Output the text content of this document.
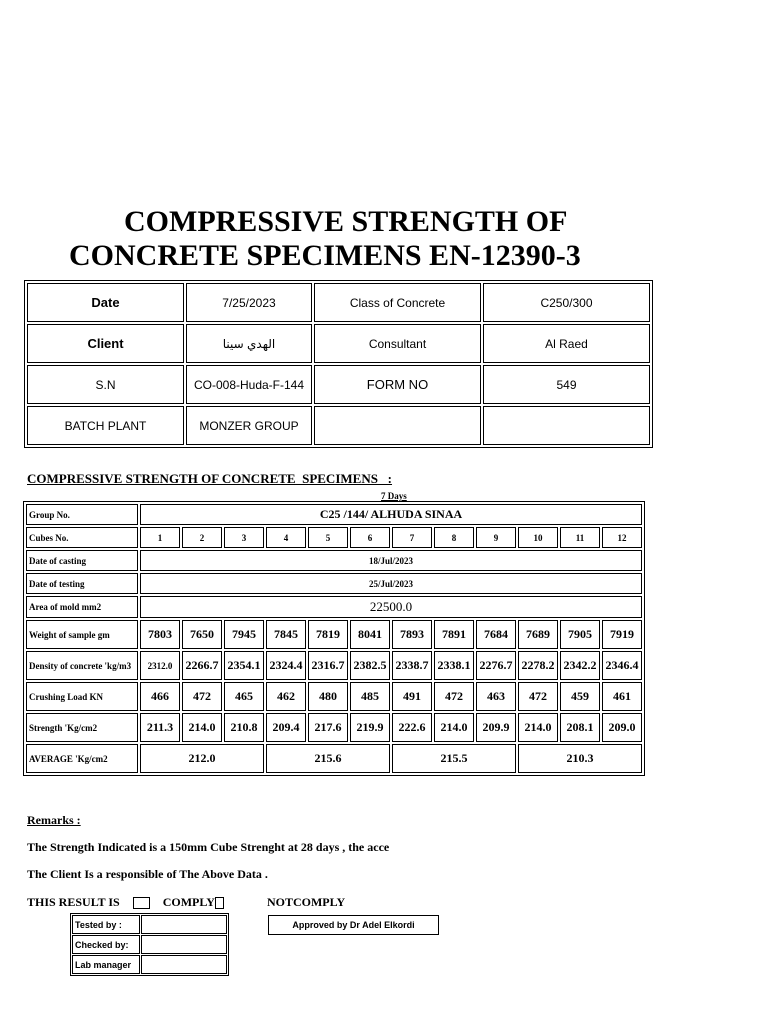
COMPRESSIVE STRENGTH OF
CONCRETE SPECIMENS EN-12390-3
Date	7/25/2023	Class of Concrete	C250/300
Client	الهدي سينا	Consultant	Al Raed
S.N	CO-008-Huda-F-144	FORM NO	549
BATCH PLANT	MONZER GROUP		
COMPRESSIVE STRENGTH OF CONCRETE  SPECIMENS   :
7 Days
Group No.	C25 /144/ ALHUDA SINAA											
Cubes No.	1	2	3	4	5	6	7	8	9	10	11	12
Date of casting	18/Jul/2023											
Date of testing	25/Jul/2023											
Area of mold mm2	22500.0											
Weight of sample gm	7803	7650	7945	7845	7819	8041	7893	7891	7684	7689	7905	7919
Density of concrete 'kg/m3	2312.0	2266.7	2354.1	2324.4	2316.7	2382.5	2338.7	2338.1	2276.7	2278.2	2342.2	2346.4
Crushing Load KN	466	472	465	462	480	485	491	472	463	472	459	461
Strength 'Kg/cm2	211.3	214.0	210.8	209.4	217.6	219.9	222.6	214.0	209.9	214.0	208.1	209.0
AVERAGE 'Kg/cm2	212.0			215.6			215.5			210.3		
Remarks :
The Strength Indicated is a 150mm Cube Strenght at 28 days , the acce
The Client Is a responsible of The Above Data .
THIS RESULT IS	COMPLY	NOTCOMPLY
Tested by :	
Checked by:	
Lab manager	
Approved by Dr Adel Elkordi
